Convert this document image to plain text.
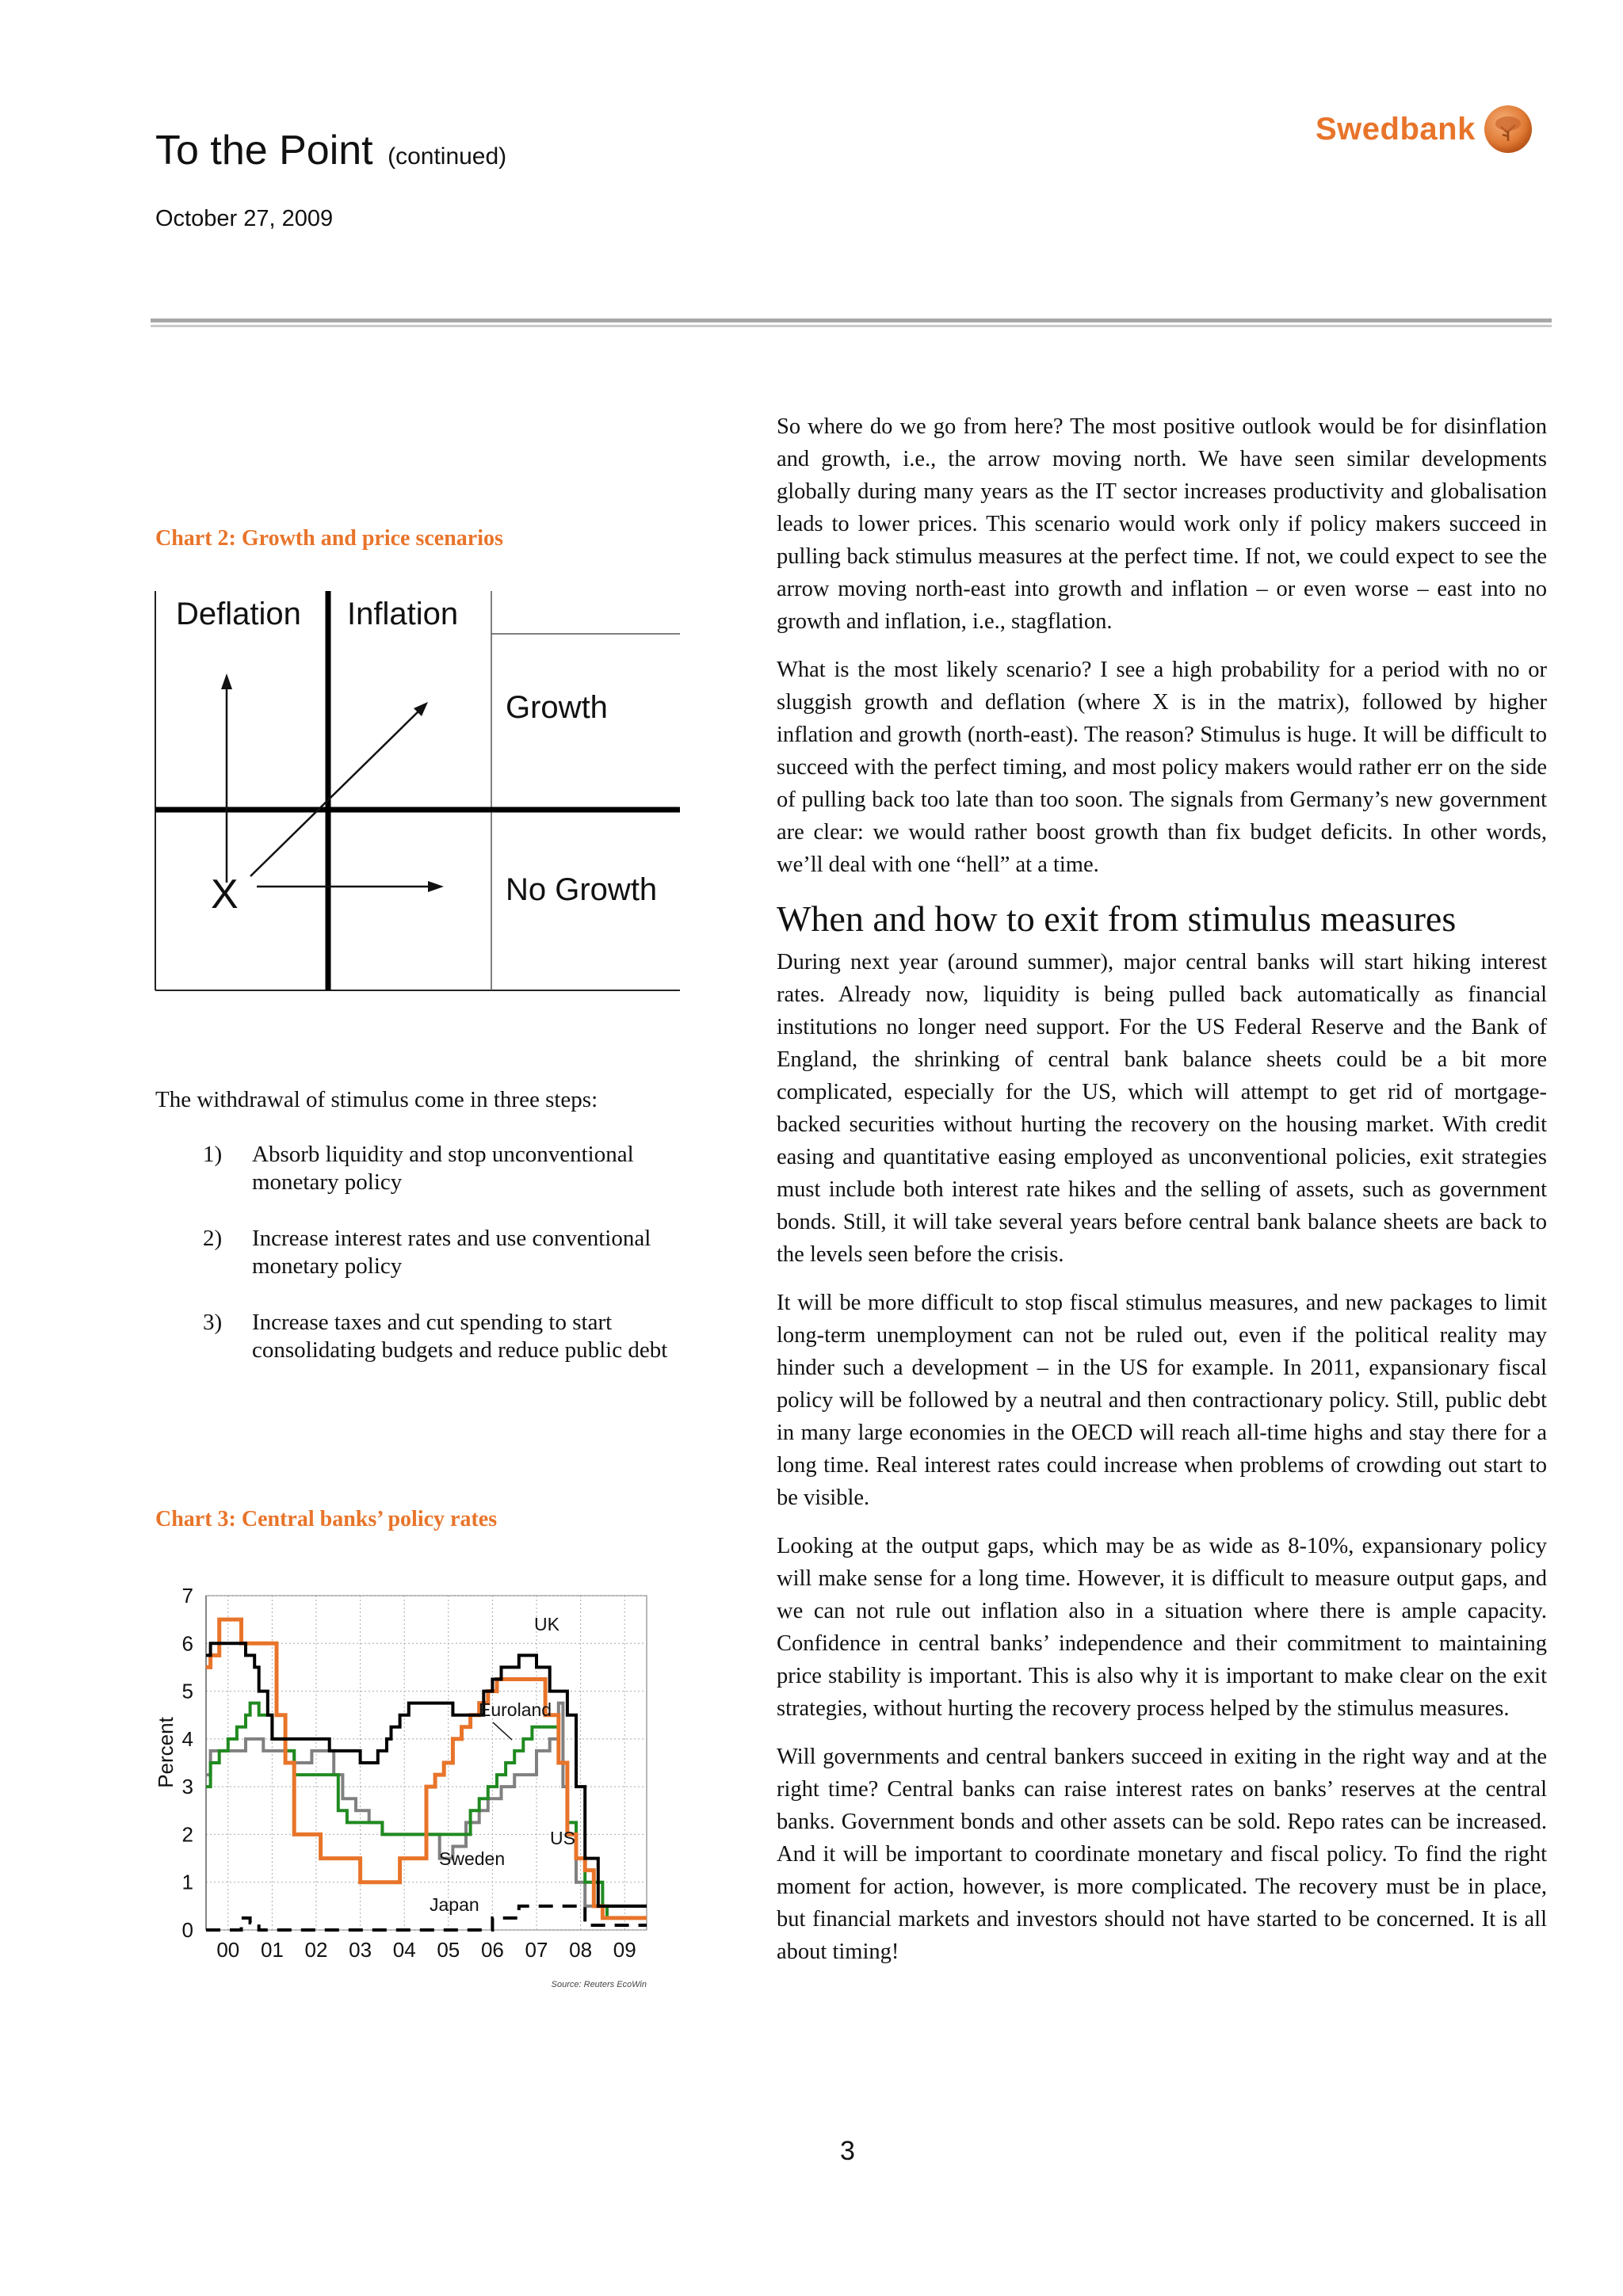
To the Point (continued)
October 27, 2009
Swedbank
Chart 2: Growth and price scenarios
Deflation Inflation
Growth
No Growth
X
The withdrawal of stimulus come in three steps:
1)	Absorb liquidity and stop unconventional monetary policy
2)	Increase interest rates and use conventional monetary policy
3)	Increase taxes and cut spending to start consolidating budgets and reduce public debt
Chart 3: Central banks’ policy rates
0
1
2
3
4
5
6
7
00 01 02 03 04 05 06 07 08 09
Percent
UK
Euroland
US
Sweden
Japan
Source: Reuters EcoWin

So where do we go from here? The most positive outlook would be for disinflation and growth, i.e., the arrow moving north. We have seen similar developments globally during many years as the IT sector increases productivity and globalisation leads to lower prices. This scenario would work only if policy makers succeed in pulling back stimulus measures at the perfect time. If not, we could expect to see the arrow moving north-east into growth and inflation – or even worse – east into no growth and inflation, i.e., stagflation.

What is the most likely scenario? I see a high probability for a period with no or sluggish growth and deflation (where X is in the matrix), followed by higher inflation and growth (north-east). The reason? Stimulus is huge. It will be difficult to succeed with the perfect timing, and most policy makers would rather err on the side of pulling back too late than too soon. The signals from Germany’s new government are clear: we would rather boost growth than fix budget deficits. In other words, we’ll deal with one “hell” at a time.

When and how to exit from stimulus measures

During next year (around summer), major central banks will start hiking interest rates. Already now, liquidity is being pulled back automatically as financial institutions no longer need support. For the US Federal Reserve and the Bank of England, the shrinking of central bank balance sheets could be a bit more complicated, especially for the US, which will attempt to get rid of mortgage- backed securities without hurting the recovery on the housing market. With credit easing and quantitative easing employed as unconventional policies, exit strategies must include both interest rate hikes and the selling of assets, such as government bonds. Still, it will take several years before central bank balance sheets are back to the levels seen before the crisis.

It will be more difficult to stop fiscal stimulus measures, and new packages to limit long-term unemployment can not be ruled out, even if the political reality may hinder such a development – in the US for example. In 2011, expansionary fiscal policy will be followed by a neutral and then contractionary policy. Still, public debt in many large economies in the OECD will reach all-time highs and stay there for a long time. Real interest rates could increase when problems of crowding out start to be visible.

Looking at the output gaps, which may be as wide as 8-10%, expansionary policy will make sense for a long time. However, it is difficult to measure output gaps, and we can not rule out inflation also in a situation where there is ample capacity. Confidence in central banks’ independence and their commitment to maintaining price stability is important. This is also why it is important to make clear on the exit strategies, without hurting the recovery process helped by the stimulus measures.

Will governments and central bankers succeed in exiting in the right way and at the right time? Central banks can raise interest rates on banks’ reserves at the central banks. Government bonds and other assets can be sold. Repo rates can be increased. And it will be important to coordinate monetary and fiscal policy. To find the right moment for action, however, is more complicated. The recovery must be in place, but financial markets and investors should not have started to be concerned. It is all about timing!

3
